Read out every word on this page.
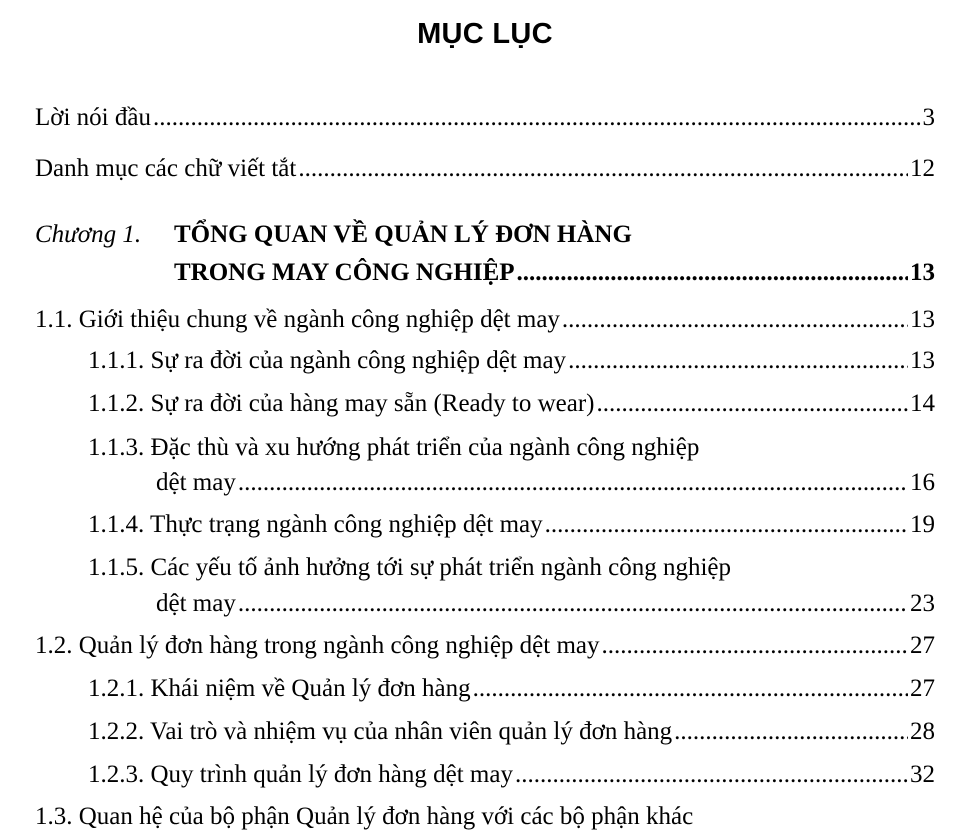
MỤC LỤC
Lời nói đầu .....	3
Danh mục các chữ viết tắt .....	12
Chương 1. TỔNG QUAN VỀ QUẢN LÝ ĐƠN HÀNG
TRONG MAY CÔNG NGHIỆP .....	13
1.1. Giới thiệu chung về ngành công nghiệp dệt may .....	13
1.1.1. Sự ra đời của ngành công nghiệp dệt may .....	13
1.1.2. Sự ra đời của hàng may sẵn (Ready to wear) .....	14
1.1.3. Đặc thù và xu hướng phát triển của ngành công nghiệp
dệt may .....	16
1.1.4. Thực trạng ngành công nghiệp dệt may .....	19
1.1.5. Các yếu tố ảnh hưởng tới sự phát triển ngành công nghiệp
dệt may .....	23
1.2. Quản lý đơn hàng trong ngành công nghiệp dệt may .....	27
1.2.1. Khái niệm về Quản lý đơn hàng .....	27
1.2.2. Vai trò và nhiệm vụ của nhân viên quản lý đơn hàng .....	28
1.2.3. Quy trình quản lý đơn hàng dệt may .....	32
1.3. Quan hệ của bộ phận Quản lý đơn hàng với các bộ phận khác
